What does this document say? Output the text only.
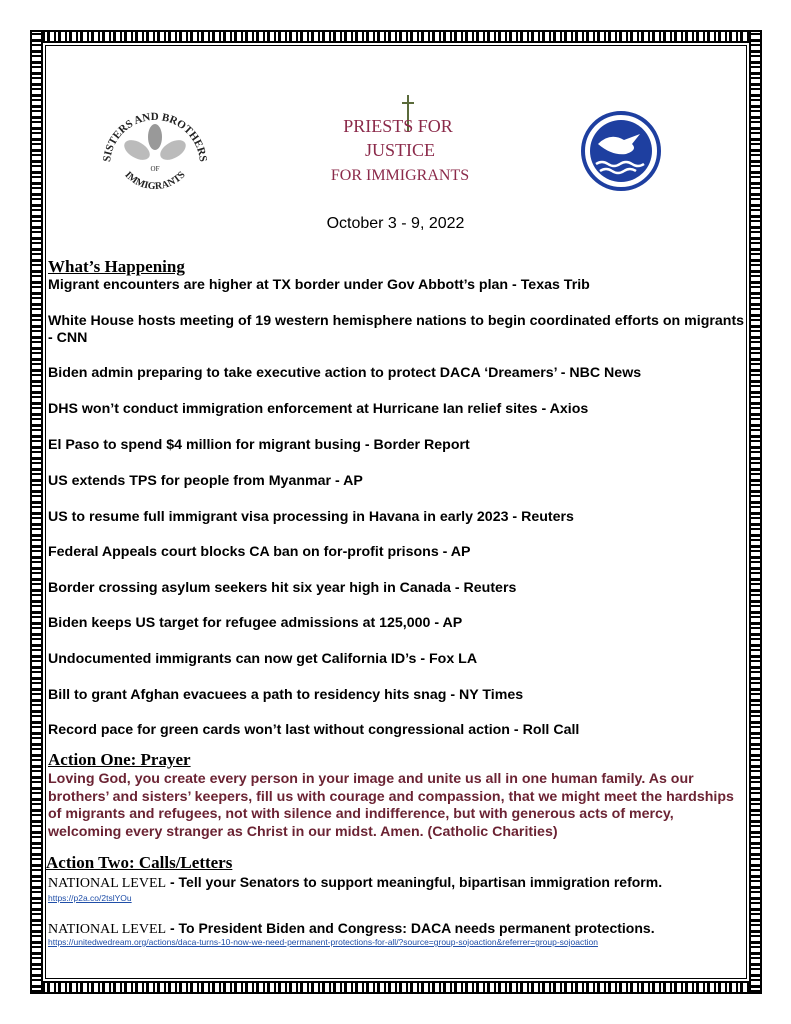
SISTERS AND BROTHERS
IMMIGRANTS
OF
PRIESTS FOR
JUSTICE
FOR IMMIGRANTS
October 3 - 9, 2022
What’s Happening
Migrant encounters are higher at TX border under Gov Abbott’s plan - Texas Trib
White House hosts meeting of 19 western hemisphere nations to begin coordinated efforts on migrants - CNN
Biden admin preparing to take executive action to protect DACA ‘Dreamers’ - NBC News
DHS won’t conduct immigration enforcement at Hurricane Ian relief sites - Axios
El Paso to spend $4 million for migrant busing - Border Report
US extends TPS for people from Myanmar - AP
US to resume full immigrant visa processing in Havana in early 2023 - Reuters
Federal Appeals court blocks CA ban on for-profit prisons - AP
Border crossing asylum seekers hit six year high in Canada - Reuters
Biden keeps US target for refugee admissions at 125,000 - AP
Undocumented immigrants can now get California ID’s - Fox LA
Bill to grant Afghan evacuees a path to residency hits snag - NY Times
Record pace for green cards won’t last without congressional action - Roll Call
Action One: Prayer
Loving God, you create every person in your image and unite us all in one human family. As our brothers’ and sisters’ keepers, fill us with courage and compassion, that we might meet the hardships of migrants and refugees, not with silence and indifference, but with generous acts of mercy, welcoming every stranger as Christ in our midst. Amen. (Catholic Charities)
Action Two: Calls/Letters
NATIONAL LEVEL - Tell your Senators to support meaningful, bipartisan immigration reform.
https://p2a.co/2tslYOu
NATIONAL LEVEL - To President Biden and Congress: DACA needs permanent protections.
https://unitedwedream.org/actions/daca-turns-10-now-we-need-permanent-protections-for-all/?source=group-sojoaction&referrer=group-sojoaction
